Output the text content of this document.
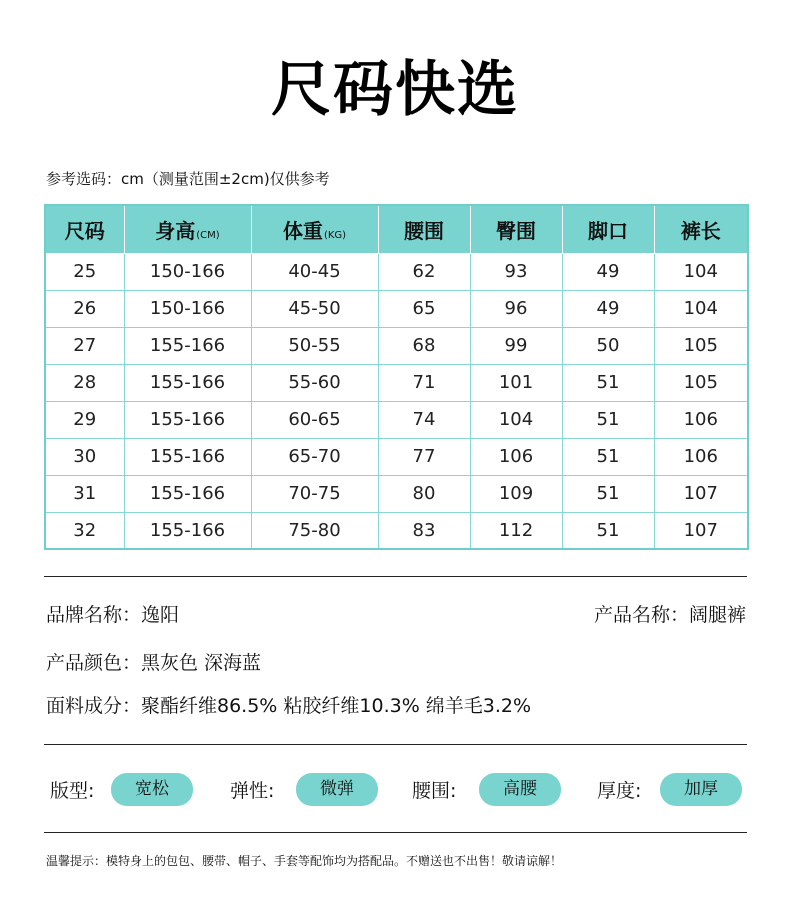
尺码快选
参考选码：cm（测量范围±2cm)仅供参考
尺码	身高(CM)	体重(KG)	腰围	臀围	脚口	裤长
25	150-166	40-45	62	93	49	104
26	150-166	45-50	65	96	49	104
27	155-166	50-55	68	99	50	105
28	155-166	55-60	71	101	51	105
29	155-166	60-65	74	104	51	106
30	155-166	65-70	77	106	51	106
31	155-166	70-75	80	109	51	107
32	155-166	75-80	83	112	51	107
品牌名称：逸阳	产品名称：阔腿裤
产品颜色：黑灰色 深海蓝
面料成分：聚酯纤维86.5% 粘胶纤维10.3% 绵羊毛3.2%
版型:	宽松	弹性:	微弹	腰围:	高腰	厚度:	加厚
温馨提示：模特身上的包包、腰带、帽子、手套等配饰均为搭配品。不赠送也不出售！敬请谅解！
